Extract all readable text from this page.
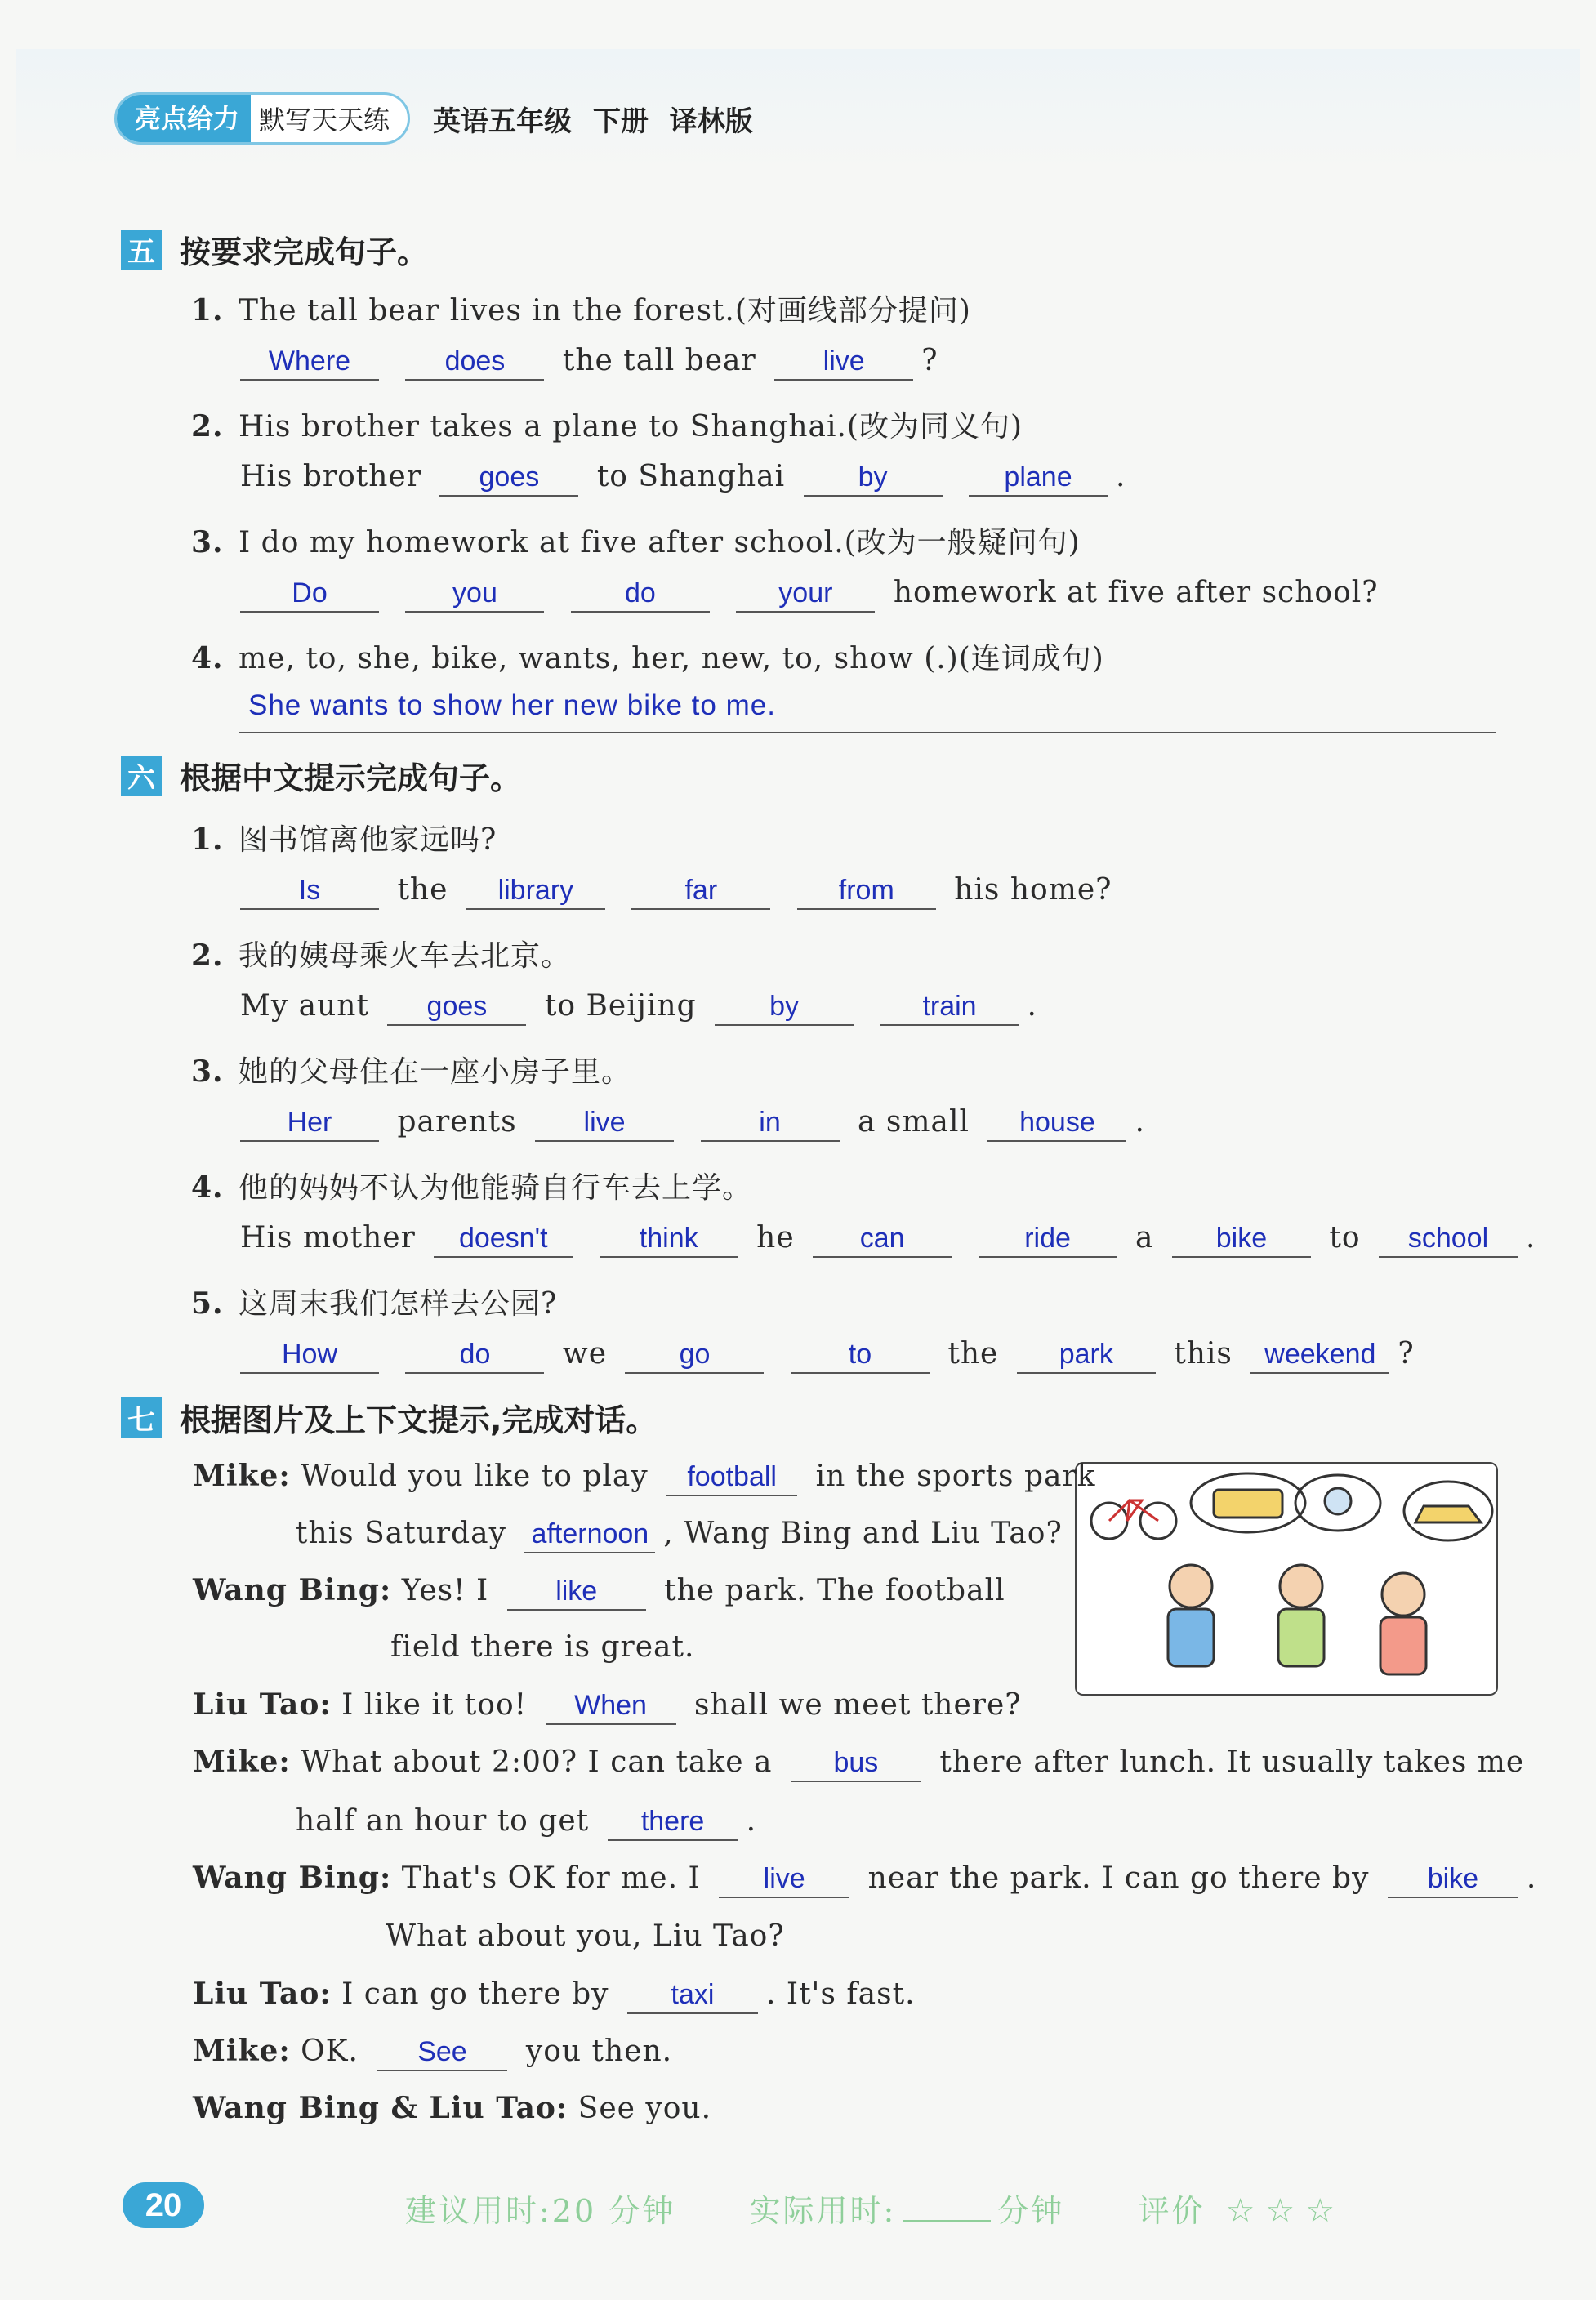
亮点给力 默写天天练	英语五年级 下册 译林版
五 按要求完成句子。
1. The tall bear lives in the forest.(对画线部分提问)
Where	does the tall bear live ?
2. His brother takes a plane to Shanghai.(改为同义句)
His brother goes to Shanghai	by	plane .
3. I do my homework at five after school.(改为一般疑问句)
Do	you	do	your homework at five after school?
4. me, to, she, bike, wants, her, new, to, show (.)(连词成句)
She wants to show her new bike to me.
六 根据中文提示完成句子。
1. 图书馆离他家远吗?
Is	the library	far	from his home?
2. 我的姨母乘火车去北京。
My aunt goes to Beijing	by	train .
3. 她的父母住在一座小房子里。
Her parents live	in	a small house .
4. 他的妈妈不认为他能骑自行车去上学。
His mother doesn't	think he can	ride a bike to school .
5. 这周末我们怎样去公园?
How	do we	go	to	the park this weekend ?
七 根据图片及上下文提示,完成对话。
Mike: Would you like to play football in the sports park
this Saturday afternoon , Wang Bing and Liu Tao?
Wang Bing: Yes! I like the park. The football
field there is great.
Liu Tao: I like it too! When shall we meet there?
Mike: What about 2:00? I can take a bus there after lunch. It usually takes me
half an hour to get there .
Wang Bing: That's OK for me. I live near the park. I can go there by bike .
What about you, Liu Tao?
Liu Tao: I can go there by taxi . It's fast.
Mike: OK. See you then.
Wang Bing & Liu Tao: See you.
20	建议用时:20 分钟 实际用时:	分钟 评价 ☆ ☆ ☆
